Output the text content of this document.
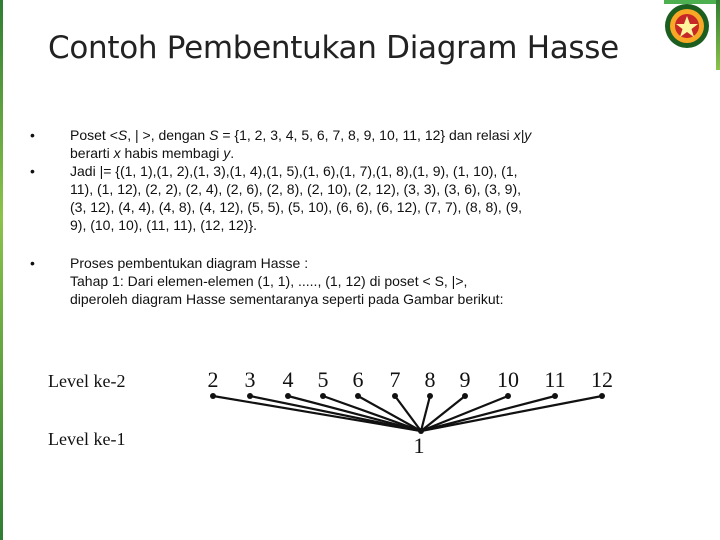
Contoh Pembentukan Diagram Hasse
•	Poset <S, | >, dengan S = {1, 2, 3, 4, 5, 6, 7, 8, 9, 10, 11, 12} dan relasi x|y
berarti x habis membagi y.
•	Jadi |= {(1, 1),(1, 2),(1, 3),(1, 4),(1, 5),(1, 6),(1, 7),(1, 8),(1, 9), (1, 10), (1,
11), (1, 12), (2, 2), (2, 4), (2, 6), (2, 8), (2, 10), (2, 12), (3, 3), (3, 6), (3, 9),
(3, 12), (4, 4), (4, 8), (4, 12), (5, 5), (5, 10), (6, 6), (6, 12), (7, 7), (8, 8), (9,
9), (10, 10), (11, 11), (12, 12)}.
•	Proses pembentukan diagram Hasse :
Tahap 1: Dari elemen-elemen (1, 1), ....., (1, 12) di poset < S, |>,
diperoleh diagram Hasse sementaranya seperti pada Gambar berikut:
Level ke-2
Level ke-1
2 3 4 5 6 7 8 9 10 11 12
1
